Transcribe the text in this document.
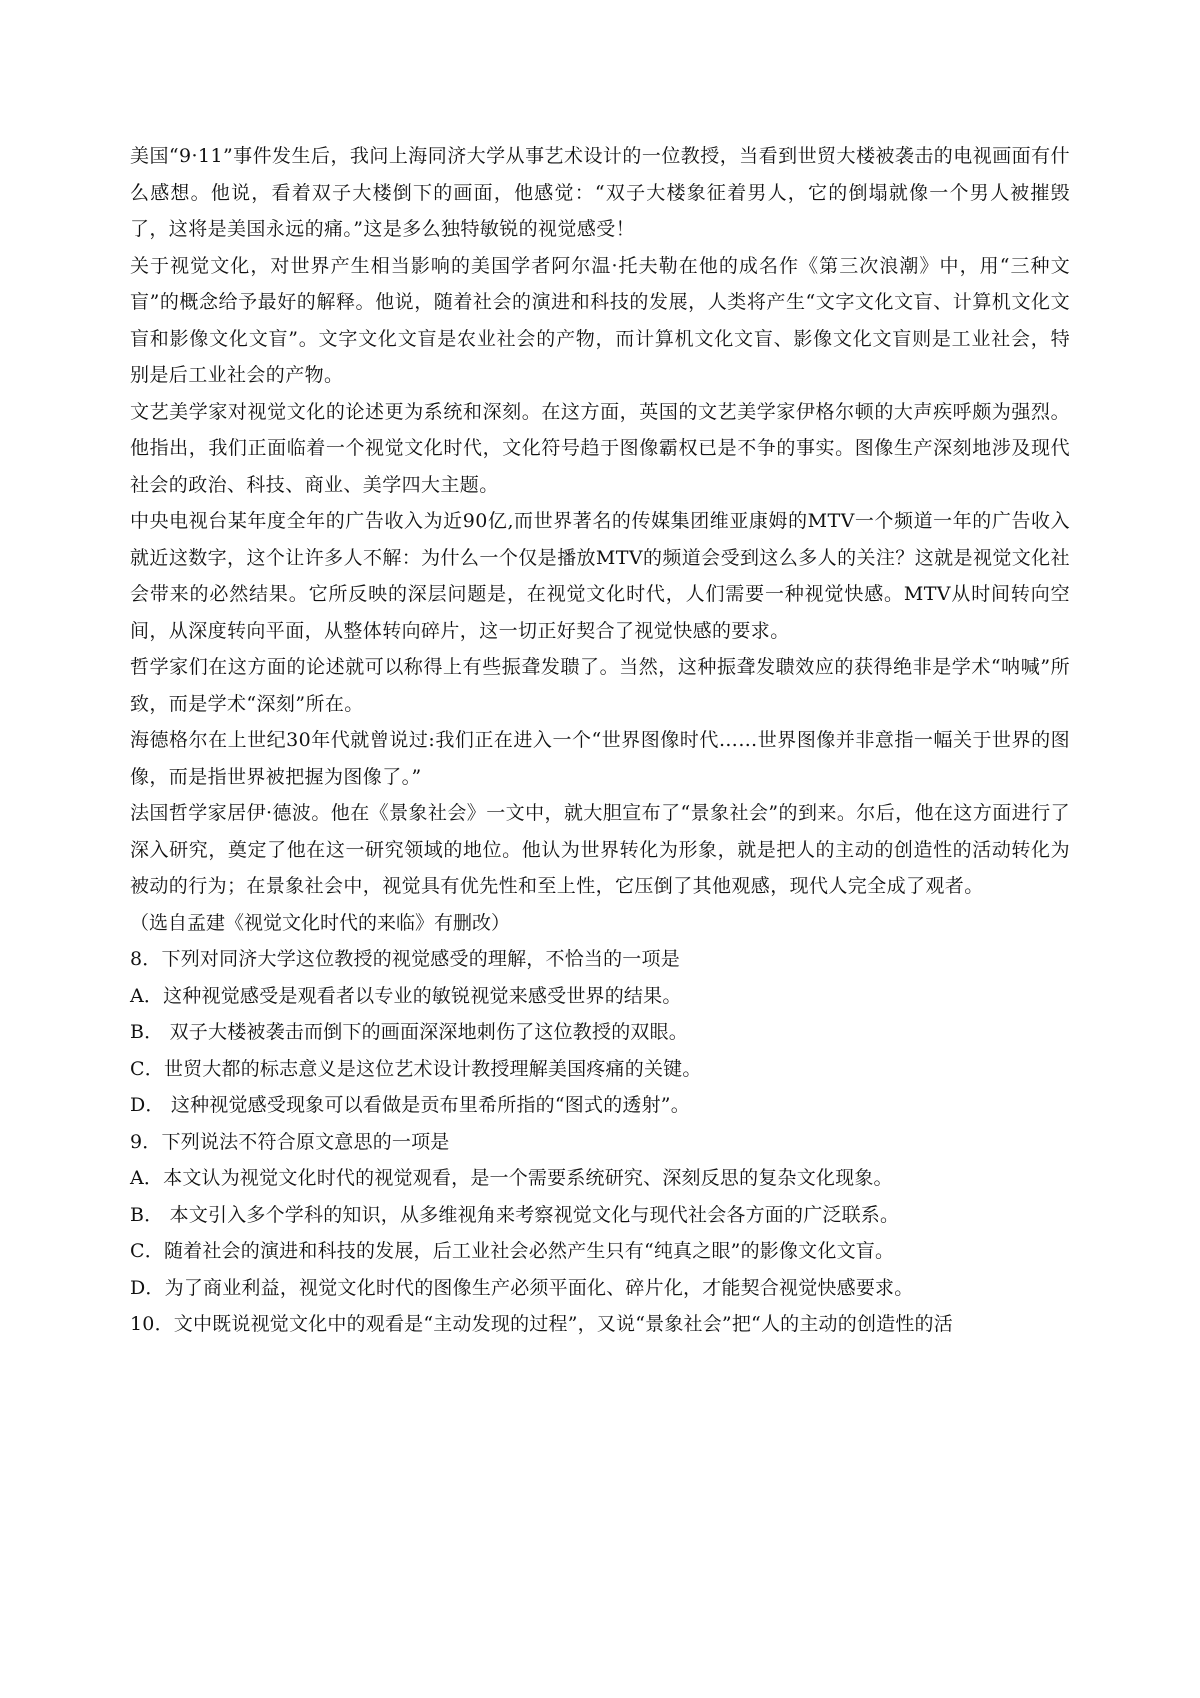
美国“9·11”事件发生后，我问上海同济大学从事艺术设计的一位教授，当看到世贸大楼被袭击的电视画面有什么感想。他说，看着双子大楼倒下的画面，他感觉：“双子大楼象征着男人，它的倒塌就像一个男人被摧毁了，这将是美国永远的痛。”这是多么独特敏锐的视觉感受！

关于视觉文化，对世界产生相当影响的美国学者阿尔温·托夫勒在他的成名作《第三次浪潮》中，用“三种文盲”的概念给予最好的解释。他说，随着社会的演进和科技的发展，人类将产生“文字文化文盲、计算机文化文盲和影像文化文盲”。文字文化文盲是农业社会的产物，而计算机文化文盲、影像文化文盲则是工业社会，特别是后工业社会的产物。

文艺美学家对视觉文化的论述更为系统和深刻。在这方面，英国的文艺美学家伊格尔顿的大声疾呼颇为强烈。他指出，我们正面临着一个视觉文化时代，文化符号趋于图像霸权已是不争的事实。图像生产深刻地涉及现代社会的政治、科技、商业、美学四大主题。

中央电视台某年度全年的广告收入为近90亿,而世界著名的传媒集团维亚康姆的MTV一个频道一年的广告收入就近这数字，这个让许多人不解：为什么一个仅是播放MTV的频道会受到这么多人的关注？这就是视觉文化社会带来的必然结果。它所反映的深层问题是，在视觉文化时代，人们需要一种视觉快感。MTV从时间转向空间，从深度转向平面，从整体转向碎片，这一切正好契合了视觉快感的要求。

哲学家们在这方面的论述就可以称得上有些振聋发聩了。当然，这种振聋发聩效应的获得绝非是学术“呐喊”所致，而是学术“深刻”所在。

海德格尔在上世纪30年代就曾说过:我们正在进入一个“世界图像时代……世界图像并非意指一幅关于世界的图像，而是指世界被把握为图像了。”

法国哲学家居伊·德波。他在《景象社会》一文中，就大胆宣布了“景象社会”的到来。尔后，他在这方面进行了深入研究，奠定了他在这一研究领域的地位。他认为世界转化为形象，就是把人的主动的创造性的活动转化为被动的行为；在景象社会中，视觉具有优先性和至上性，它压倒了其他观感，现代人完全成了观者。

（选自孟建《视觉文化时代的来临》有删改）

8．下列对同济大学这位教授的视觉感受的理解，不恰当的一项是

A．这种视觉感受是观看者以专业的敏锐视觉来感受世界的结果。

B． 双子大楼被袭击而倒下的画面深深地刺伤了这位教授的双眼。

C．世贸大都的标志意义是这位艺术设计教授理解美国疼痛的关键。

D． 这种视觉感受现象可以看做是贡布里希所指的“图式的透射”。

9．下列说法不符合原文意思的一项是

A．本文认为视觉文化时代的视觉观看，是一个需要系统研究、深刻反思的复杂文化现象。

B． 本文引入多个学科的知识，从多维视角来考察视觉文化与现代社会各方面的广泛联系。

C．随着社会的演进和科技的发展，后工业社会必然产生只有“纯真之眼”的影像文化文盲。

D．为了商业利益，视觉文化时代的图像生产必须平面化、碎片化，才能契合视觉快感要求。

10．文中既说视觉文化中的观看是“主动发现的过程”，又说“景象社会”把“人的主动的创造性的活
